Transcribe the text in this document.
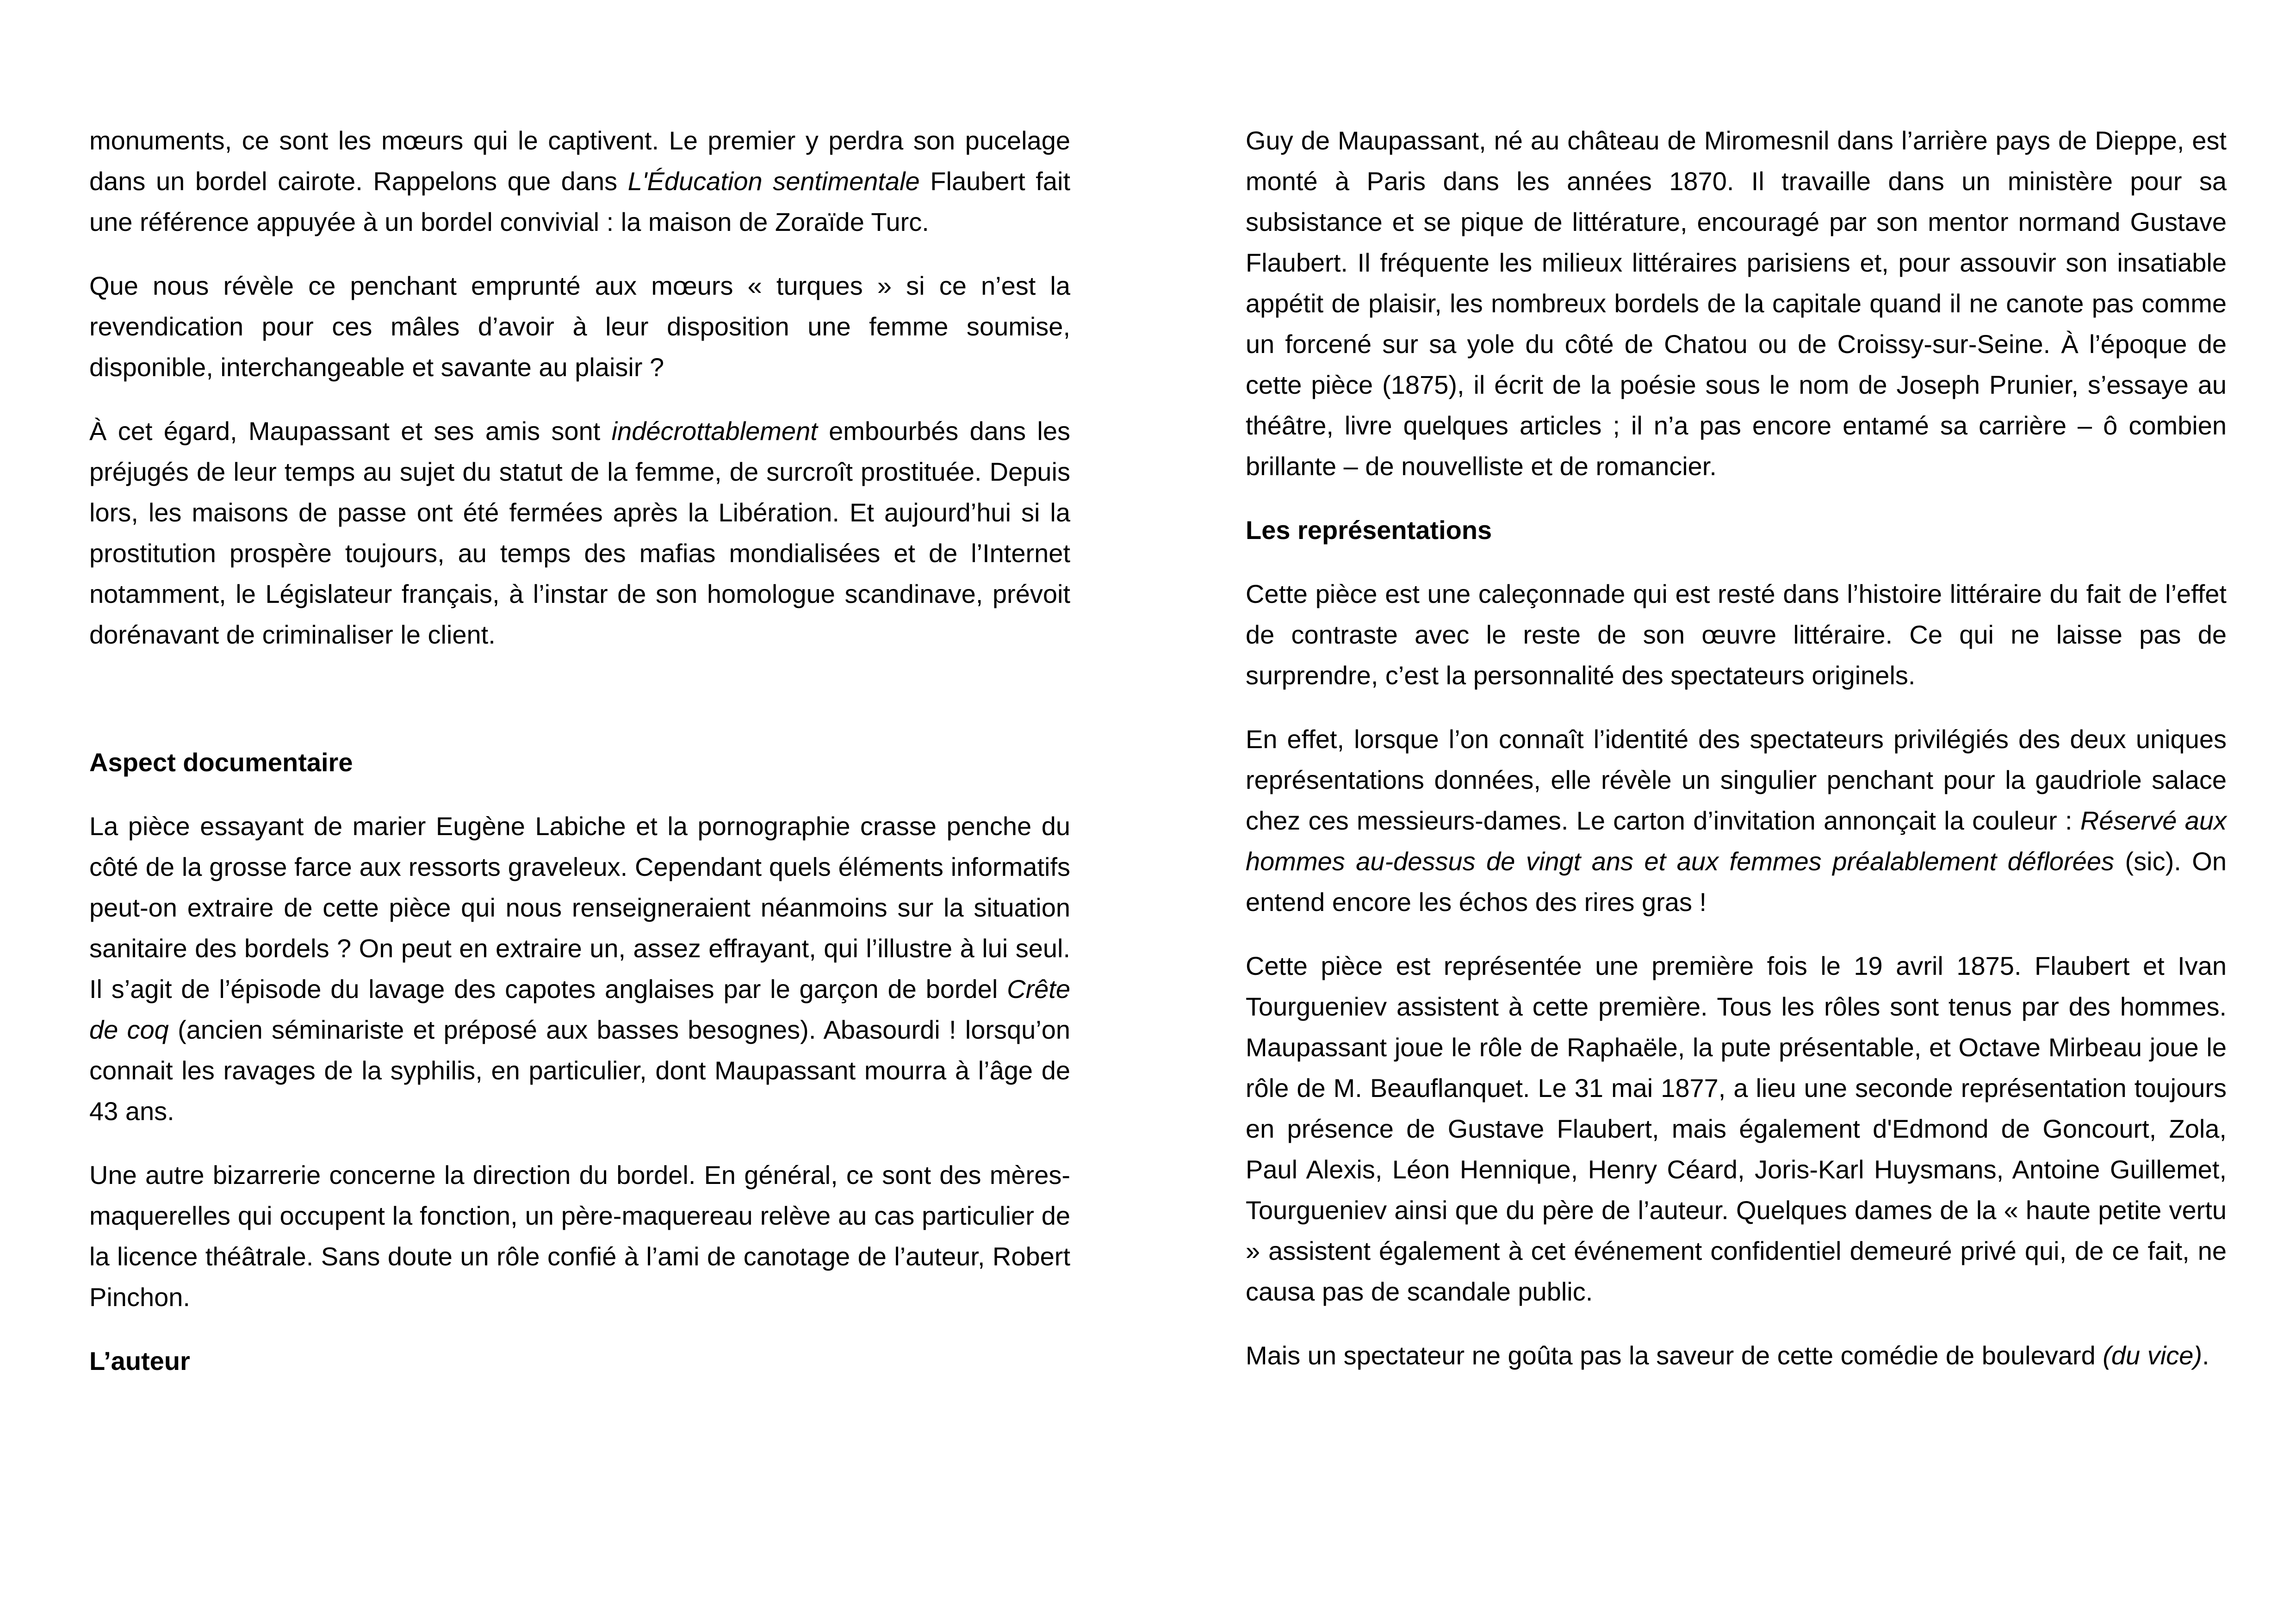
monuments, ce sont les mœurs qui le captivent. Le premier y perdra son pucelage dans un bordel cairote. Rappelons que dans L'Éducation sentimentale Flaubert fait une référence appuyée à un bordel convivial : la maison de Zoraïde Turc.

Que nous révèle ce penchant emprunté aux mœurs « turques » si ce n’est la revendication pour ces mâles d’avoir à leur disposition une femme soumise, disponible, interchangeable et savante au plaisir ?

À cet égard, Maupassant et ses amis sont indécrottablement embourbés dans les préjugés de leur temps au sujet du statut de la femme, de surcroît prostituée. Depuis lors, les maisons de passe ont été fermées après la Libération. Et aujourd’hui si la prostitution prospère toujours, au temps des mafias mondialisées et de l’Internet notamment, le Législateur français, à l’instar de son homologue scandinave, prévoit dorénavant de criminaliser le client.

Aspect documentaire

La pièce essayant de marier Eugène Labiche et la pornographie crasse penche du côté de la grosse farce aux ressorts graveleux. Cependant quels éléments informatifs peut-on extraire de cette pièce qui nous renseigneraient néanmoins sur la situation sanitaire des bordels ? On peut en extraire un, assez effrayant, qui l’illustre à lui seul. Il s’agit de l’épisode du lavage des capotes anglaises par le garçon de bordel Crête de coq (ancien séminariste et préposé aux basses besognes). Abasourdi ! lorsqu’on connait les ravages de la syphilis, en particulier, dont Maupassant mourra à l’âge de 43 ans.

Une autre bizarrerie concerne la direction du bordel. En général, ce sont des mères-maquerelles qui occupent la fonction, un père-maquereau relève au cas particulier de la licence théâtrale. Sans doute un rôle confié à l’ami de canotage de l’auteur, Robert Pinchon.

L’auteur

Guy de Maupassant, né au château de Miromesnil dans l’arrière pays de Dieppe, est monté à Paris dans les années 1870. Il travaille dans un ministère pour sa subsistance et se pique de littérature, encouragé par son mentor normand Gustave Flaubert. Il fréquente les milieux littéraires parisiens et, pour assouvir son insatiable appétit de plaisir, les nombreux bordels de la capitale quand il ne canote pas comme un forcené sur sa yole du côté de Chatou ou de Croissy-sur-Seine. À l’époque de cette pièce (1875), il écrit de la poésie sous le nom de Joseph Prunier, s’essaye au théâtre, livre quelques articles ; il n’a pas encore entamé sa carrière – ô combien brillante – de nouvelliste et de romancier.

Les représentations

Cette pièce est une caleçonnade qui est resté dans l’histoire littéraire du fait de l’effet de contraste avec le reste de son œuvre littéraire. Ce qui ne laisse pas de surprendre, c’est la personnalité des spectateurs originels.

En effet, lorsque l’on connaît l’identité des spectateurs privilégiés des deux uniques représentations données, elle révèle un singulier penchant pour la gaudriole salace chez ces messieurs-dames. Le carton d’invitation annonçait la couleur : Réservé aux hommes au-dessus de vingt ans et aux femmes préalablement déflorées (sic). On entend encore les échos des rires gras !

Cette pièce est représentée une première fois le 19 avril 1875. Flaubert et Ivan Tourgueniev assistent à cette première. Tous les rôles sont tenus par des hommes. Maupassant joue le rôle de Raphaële, la pute présentable, et Octave Mirbeau joue le rôle de M. Beauflanquet. Le 31 mai 1877, a lieu une seconde représentation toujours en présence de Gustave Flaubert, mais également d'Edmond de Goncourt, Zola, Paul Alexis, Léon Hennique, Henry Céard, Joris-Karl Huysmans, Antoine Guillemet, Tourgueniev ainsi que du père de l’auteur. Quelques dames de la « haute petite vertu » assistent également à cet événement confidentiel demeuré privé qui, de ce fait, ne causa pas de scandale public.

Mais un spectateur ne goûta pas la saveur de cette comédie de boulevard (du vice).
